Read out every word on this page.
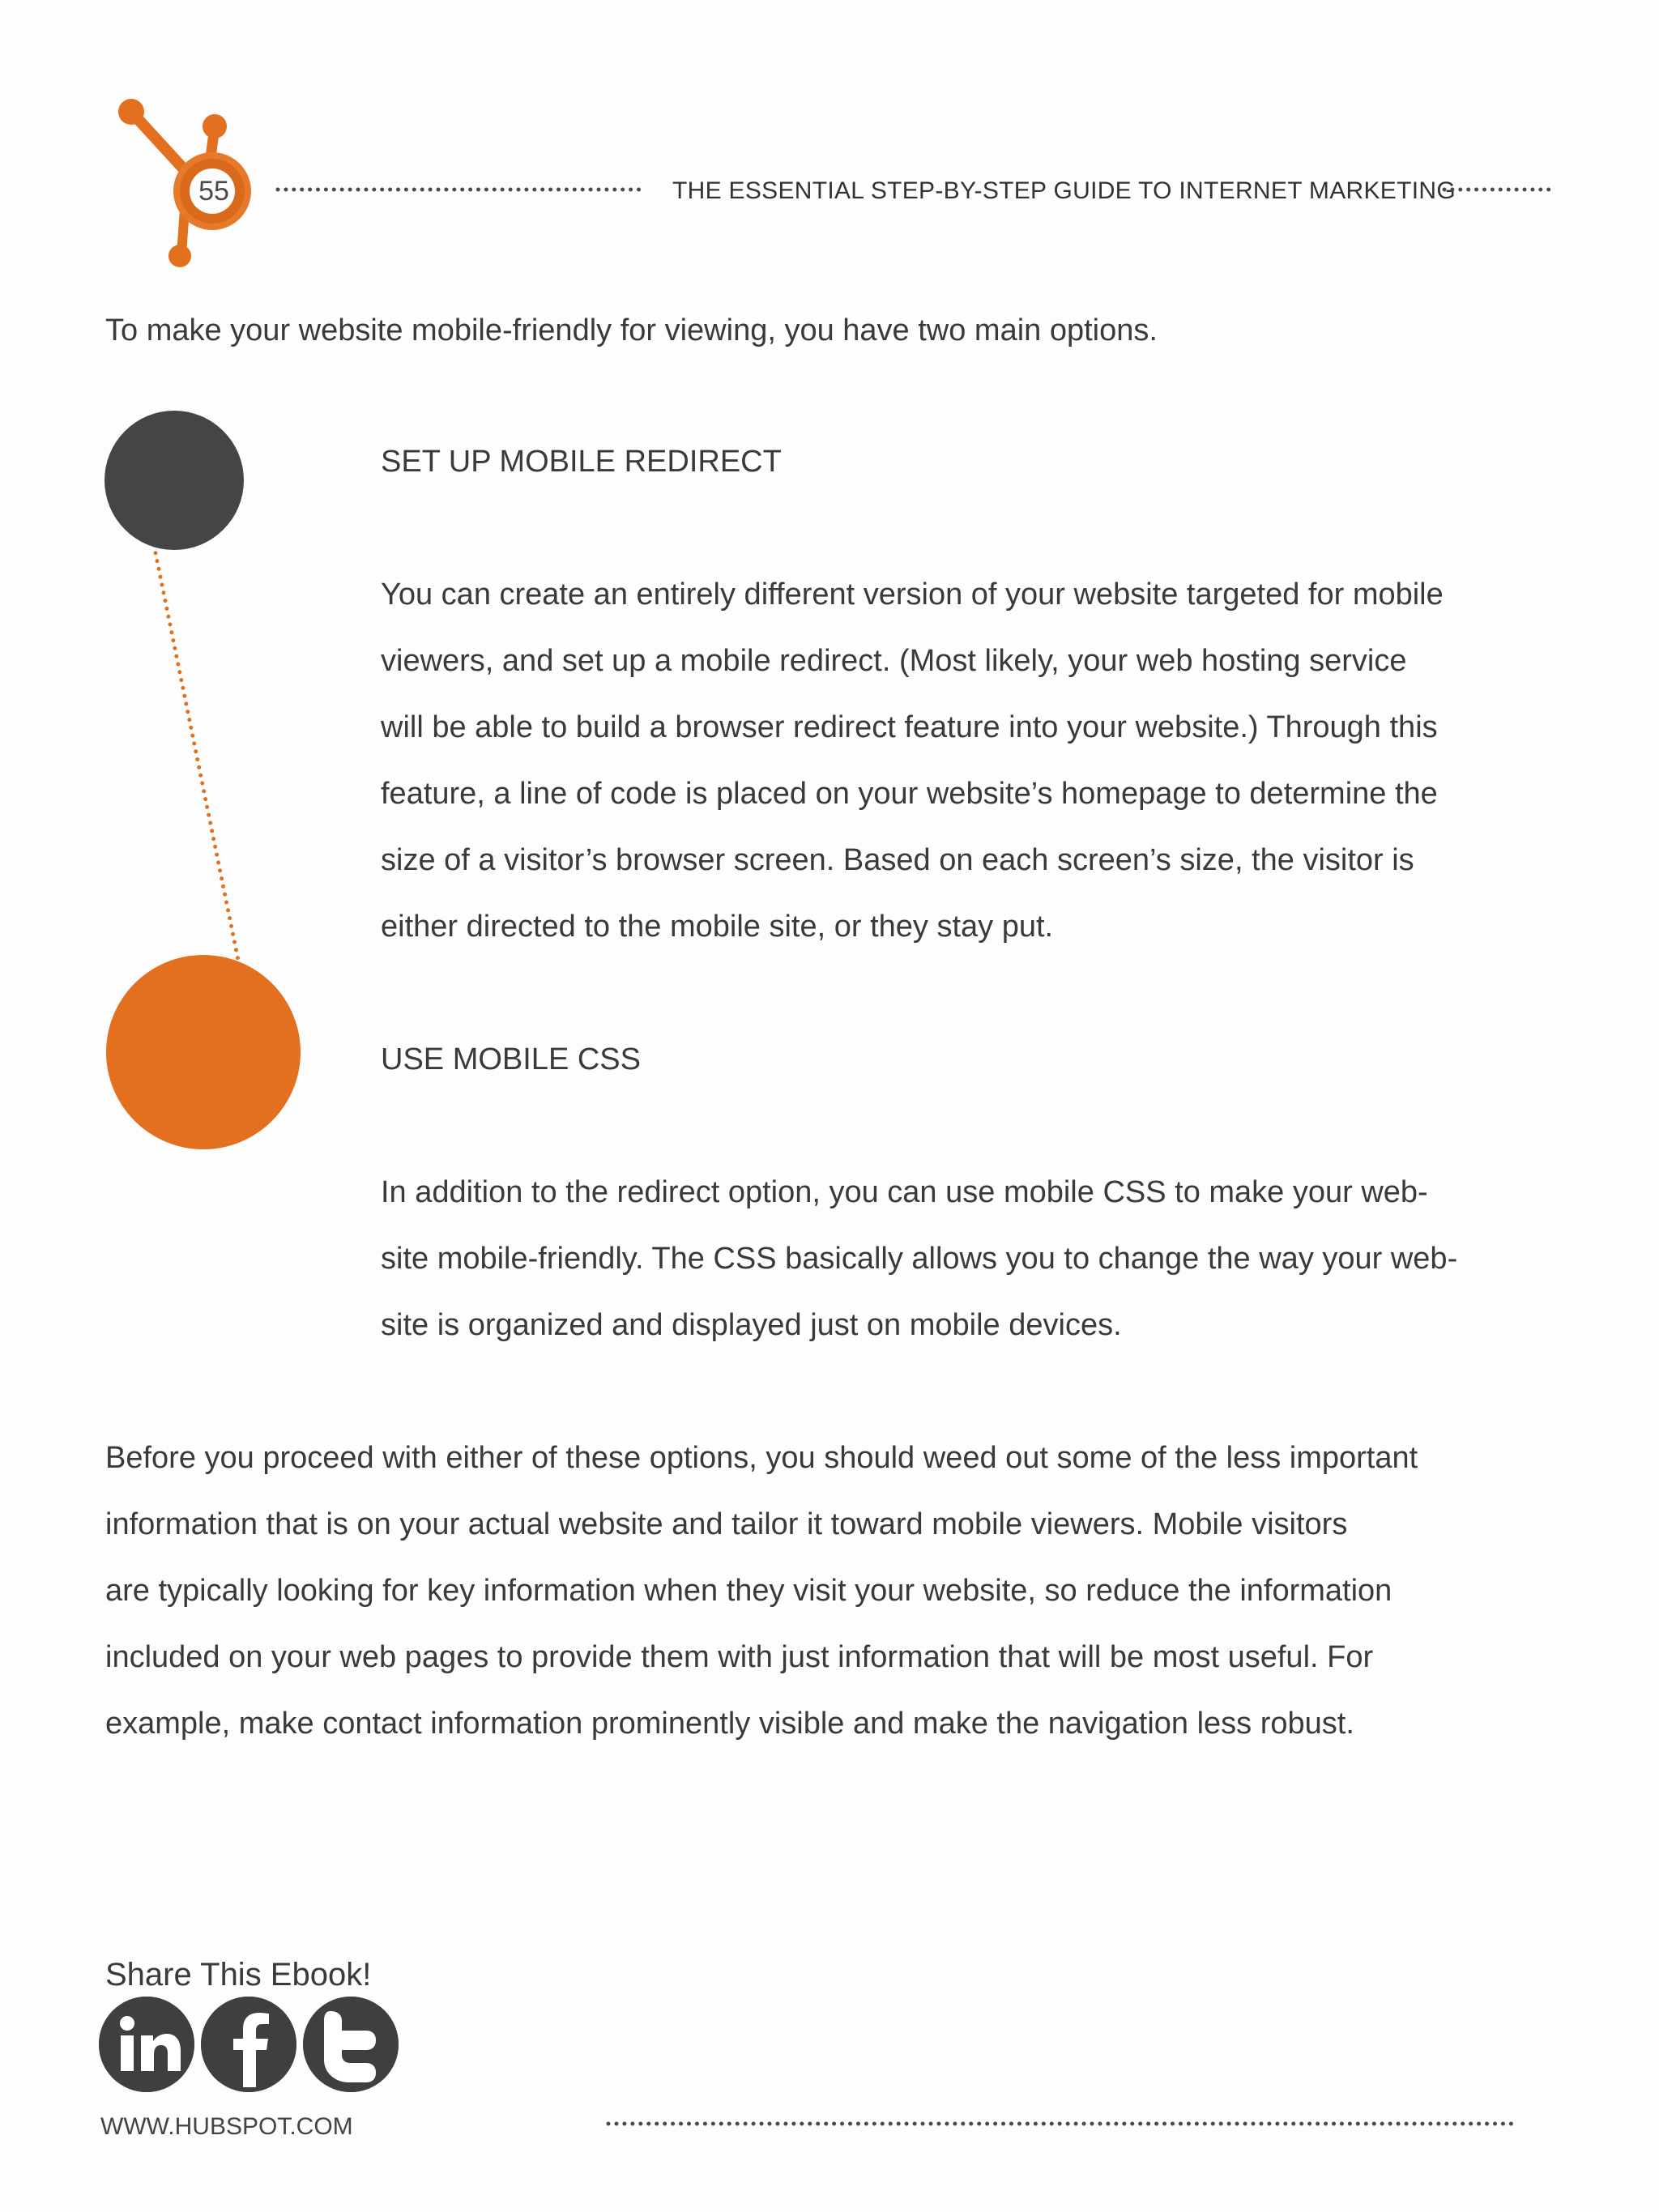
55	THE ESSENTIAL STEP-BY-STEP GUIDE TO INTERNET MARKETING
To make your website mobile-friendly for viewing, you have two main options.
SET UP MOBILE REDIRECT
You can create an entirely different version of your website targeted for mobile
viewers, and set up a mobile redirect. (Most likely, your web hosting service
will be able to build a browser redirect feature into your website.) Through this
feature, a line of code is placed on your website’s homepage to determine the
size of a visitor’s browser screen. Based on each screen’s size, the visitor is
either directed to the mobile site, or they stay put.
USE MOBILE CSS
In addition to the redirect option, you can use mobile CSS to make your web-
site mobile-friendly. The CSS basically allows you to change the way your web-
site is organized and displayed just on mobile devices.
Before you proceed with either of these options, you should weed out some of the less important
information that is on your actual website and tailor it toward mobile viewers. Mobile visitors
are typically looking for key information when they visit your website, so reduce the information
included on your web pages to provide them with just information that will be most useful. For
example, make contact information prominently visible and make the navigation less robust.
Share This Ebook!
WWW.HUBSPOT.COM
